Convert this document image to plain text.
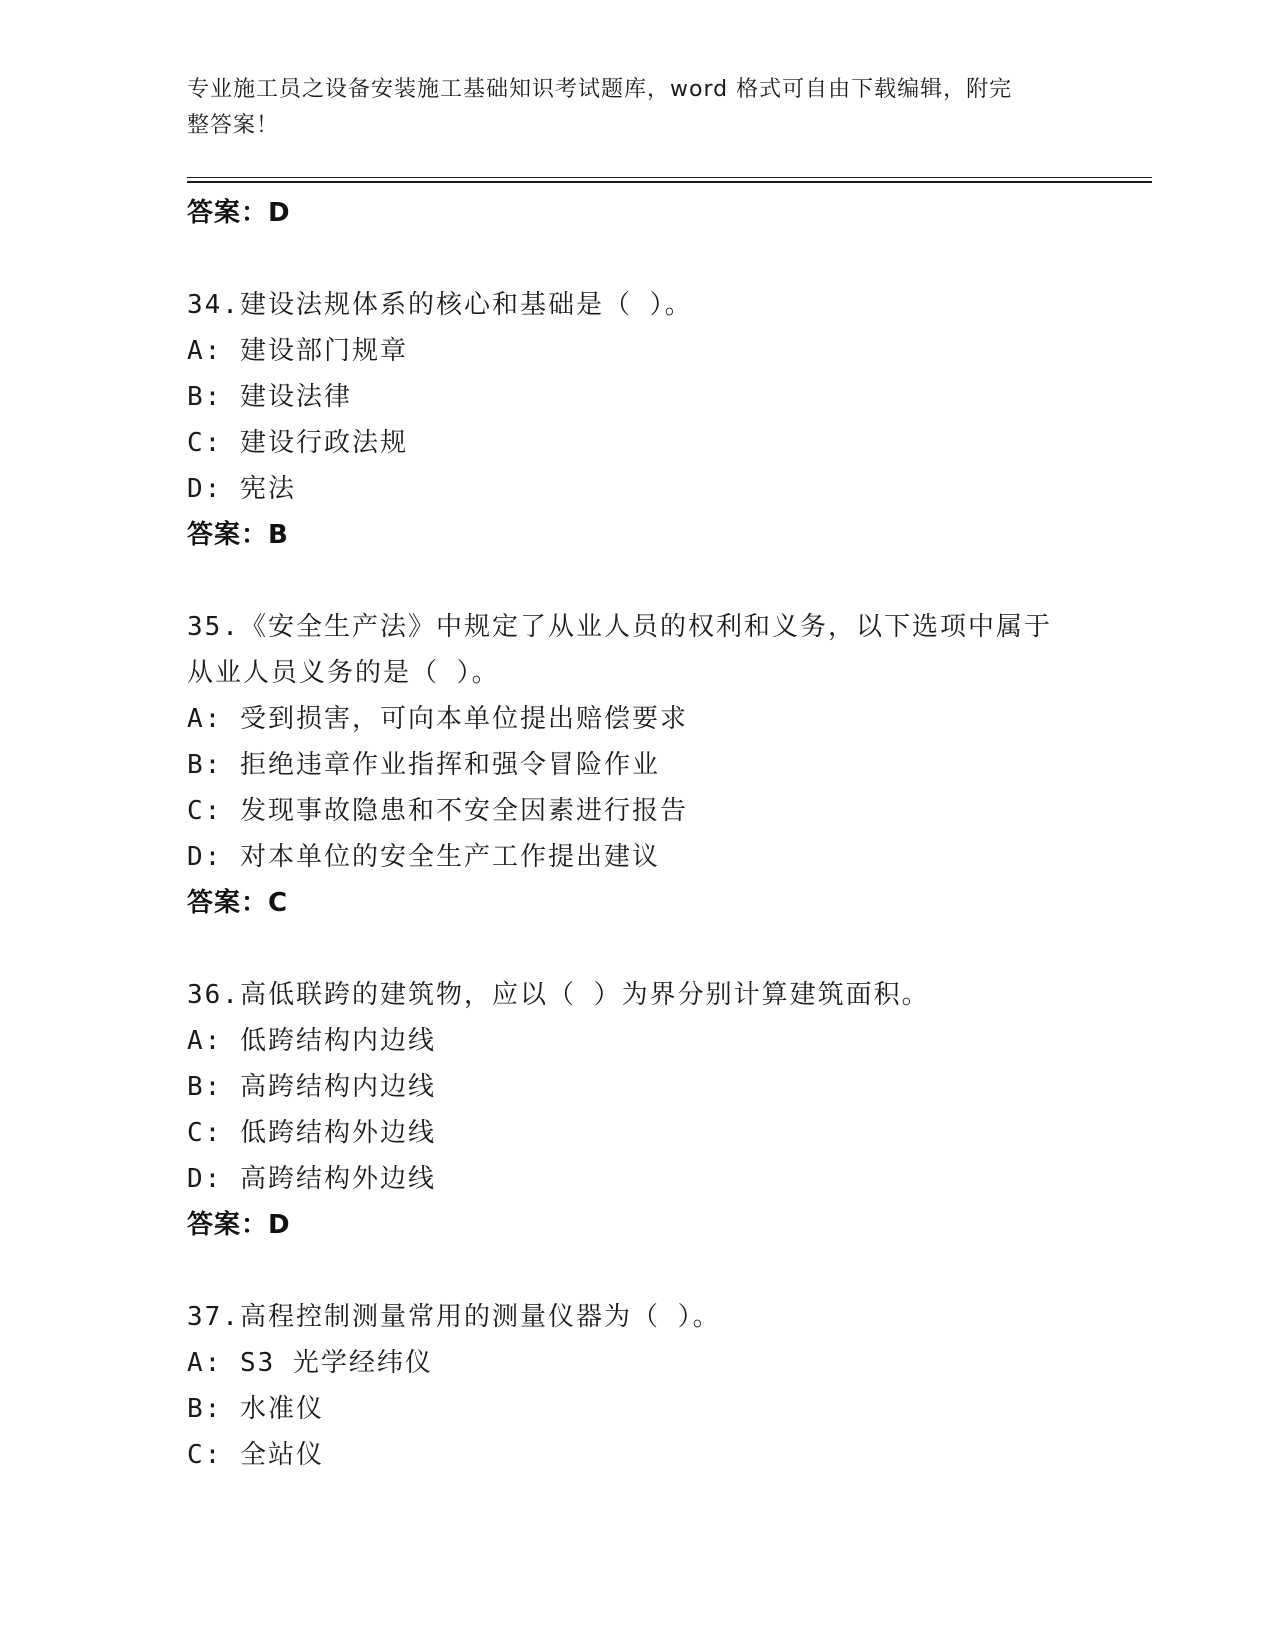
专业施工员之设备安装施工基础知识考试题库，word 格式可自由下载编辑，附完
整答案！
答案：D
34.建设法规体系的核心和基础是（ ）。
A: 建设部门规章
B: 建设法律
C: 建设行政法规
D: 宪法
答案：B
35.《安全生产法》中规定了从业人员的权利和义务，以下选项中属于
从业人员义务的是（ ）。
A: 受到损害，可向本单位提出赔偿要求
B: 拒绝违章作业指挥和强令冒险作业
C: 发现事故隐患和不安全因素进行报告
D: 对本单位的安全生产工作提出建议
答案：C
36.高低联跨的建筑物，应以（ ）为界分别计算建筑面积。
A: 低跨结构内边线
B: 高跨结构内边线
C: 低跨结构外边线
D: 高跨结构外边线
答案：D
37.高程控制测量常用的测量仪器为（ ）。
A: S3 光学经纬仪
B: 水准仪
C: 全站仪
